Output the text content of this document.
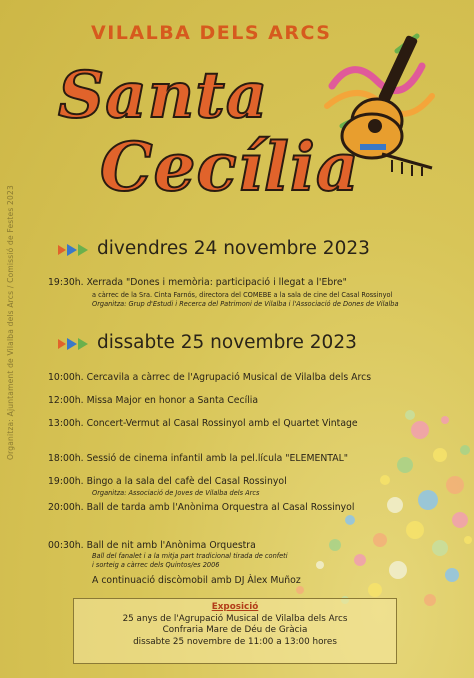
Organitza: Ajuntament de Vilalba dels Arcs / Comissió de Festes 2023
VILALBA DELS ARCS
Santa
Cecília
divendres 24 novembre 2023
19:30h. Xerrada "Dones i memòria: participació i llegat a l'Ebre"
a càrrec de la Sra. Cinta Farnós, directora del COMEBE a la sala de cine del Casal Rossinyol
Organitza: Grup d'Estudi i Recerca del Patrimoni de Vilalba i l'Associació de Dones de Vilalba
dissabte 25 novembre 2023
10:00h. Cercavila a càrrec de l'Agrupació Musical de Vilalba dels Arcs
12:00h. Missa Major en honor a Santa Cecília
13:00h. Concert-Vermut al Casal Rossinyol amb el Quartet Vintage
18:00h. Sessió de cinema infantil amb la pel.lícula "ELEMENTAL"
19:00h. Bingo a la sala del cafè del Casal Rossinyol
Organitza: Associació de Joves de Vilalba dels Arcs
20:00h. Ball de tarda amb l'Anònima Orquestra al Casal Rossinyol
00:30h. Ball de nit amb l'Anònima Orquestra
Ball del fanalet i a la mitja part tradicional tirada de confeti
i sorteig a càrrec dels Quintos/es 2006
A continuació discòmobil amb DJ Àlex Muñoz
Exposició
25 anys de l'Agrupació Musical de Vilalba dels Arcs
Confraria Mare de Déu de Gràcia
dissabte 25 novembre de 11:00 a 13:00 hores
